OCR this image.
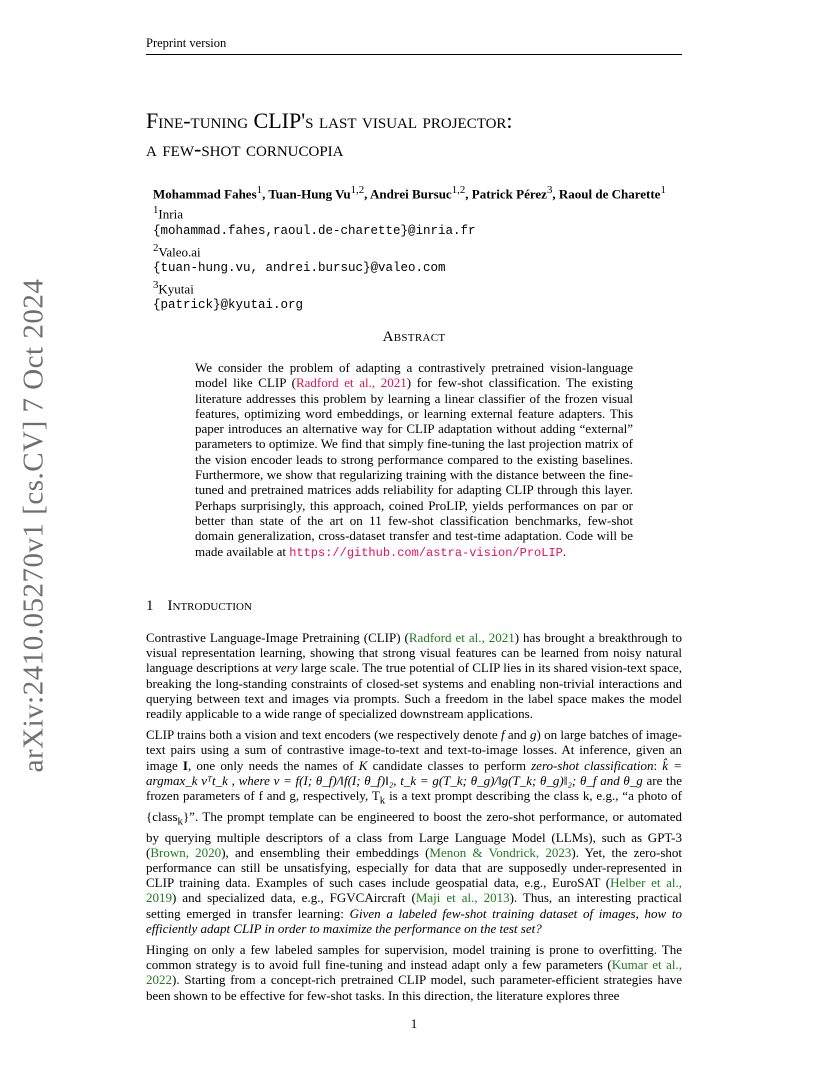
Preprint version
arXiv:2410.05270v1 [cs.CV] 7 Oct 2024
Fine-tuning CLIP's last visual projector:
a few-shot cornucopia
Mohammad Fahes$^1$, Tuan-Hung Vu$^{1,2}$, Andrei Bursuc$^{1,2}$, Patrick Pérez$^3$, Raoul de Charette$^1$
$^1$Inria
{mohammad.fahes,raoul.de-charette}@inria.fr
$^2$Valeo.ai
{tuan-hung.vu, andrei.bursuc}@valeo.com
$^3$Kyutai
{patrick}@kyutai.org
Abstract
We consider the problem of adapting a contrastively pretrained vision-language model like CLIP (Radford et al., 2021) for few-shot classification. The existing literature addresses this problem by learning a linear classifier of the frozen visual features, optimizing word embeddings, or learning external feature adapters. This paper introduces an alternative way for CLIP adaptation without adding “external” parameters to optimize. We find that simply fine-tuning the last projection matrix of the vision encoder leads to strong performance compared to the existing baselines. Furthermore, we show that regularizing training with the distance between the fine-tuned and pretrained matrices adds reliability for adapting CLIP through this layer. Perhaps surprisingly, this approach, coined ProLIP, yields performances on par or better than state of the art on 11 few-shot classification benchmarks, few-shot domain generalization, cross-dataset transfer and test-time adaptation. Code will be made available at https://github.com/astra-vision/ProLIP.
1 Introduction

Contrastive Language-Image Pretraining (CLIP) (Radford et al., 2021) has brought a breakthrough to visual representation learning, showing that strong visual features can be learned from noisy natural language descriptions at very large scale. The true potential of CLIP lies in its shared vision-text space, breaking the long-standing constraints of closed-set systems and enabling non-trivial interactions and querying between text and images via prompts. Such a freedom in the label space makes the model readily applicable to a wide range of specialized downstream applications.

CLIP trains both a vision and text encoders (we respectively denote f and g) on large batches of image-text pairs using a sum of contrastive image-to-text and text-to-image losses. At inference, given an image I, one only needs the names of K candidate classes to perform zero-shot classification: k̂ = argmax_k vᵀt_k , where v = f(I; θ_f)/‖f(I; θ_f)‖₂, t_k = g(T_k; θ_g)/‖g(T_k; θ_g)‖₂; θ_f and θ_g are the frozen parameters of f and g, respectively, $T_k$ is a text prompt describing the class k, e.g., “a photo of {class$_k$}”. The prompt template can be engineered to boost the zero-shot performance, or automated by querying multiple descriptors of a class from Large Language Model (LLMs), such as GPT-3 (Brown, 2020), and ensembling their embeddings (Menon & Vondrick, 2023). Yet, the zero-shot performance can still be unsatisfying, especially for data that are supposedly under-represented in CLIP training data. Examples of such cases include geospatial data, e.g., EuroSAT (Helber et al., 2019) and specialized data, e.g., FGVCAircraft (Maji et al., 2013). Thus, an interesting practical setting emerged in transfer learning: Given a labeled few-shot training dataset of images, how to efficiently adapt CLIP in order to maximize the performance on the test set?

Hinging on only a few labeled samples for supervision, model training is prone to overfitting. The common strategy is to avoid full fine-tuning and instead adapt only a few parameters (Kumar et al., 2022). Starting from a concept-rich pretrained CLIP model, such parameter-efficient strategies have been shown to be effective for few-shot tasks. In this direction, the literature explores three

1
